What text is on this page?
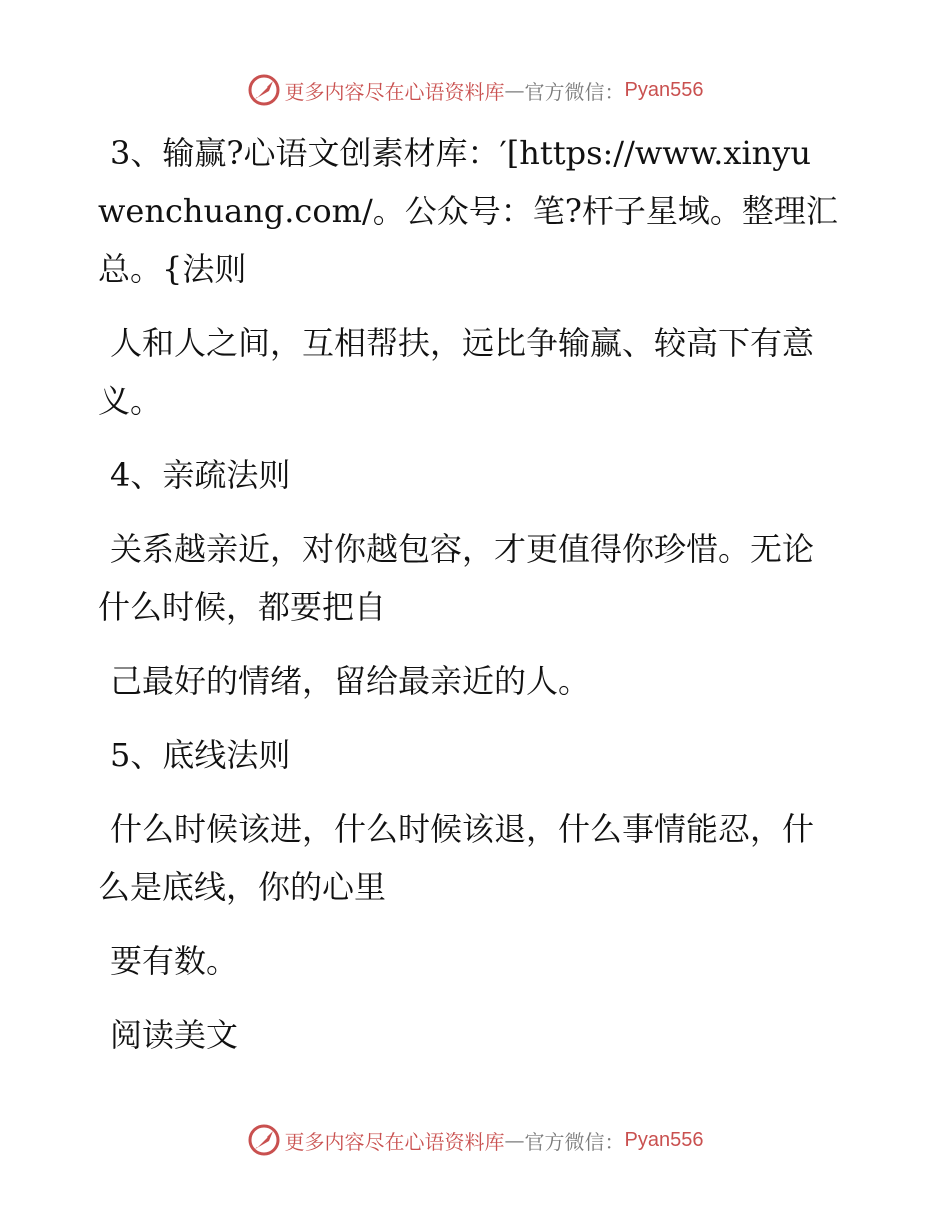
更多内容尽在心语资料库 — 官方微信： Pyan556

3、输赢?心语文创素材库：′[https://www.xinyuwenchuang.com/。公众号：笔?杆子星域。整理汇总。{法则

人和人之间，互相帮扶，远比争输赢、较高下有意义。

4、亲疏法则

关系越亲近，对你越包容，才更值得你珍惜。无论什么时候，都要把自

己最好的情绪，留给最亲近的人。

5、底线法则

什么时候该进，什么时候该退，什么事情能忍，什么是底线，你的心里

要有数。

阅读美文

更多内容尽在心语资料库 — 官方微信： Pyan556
